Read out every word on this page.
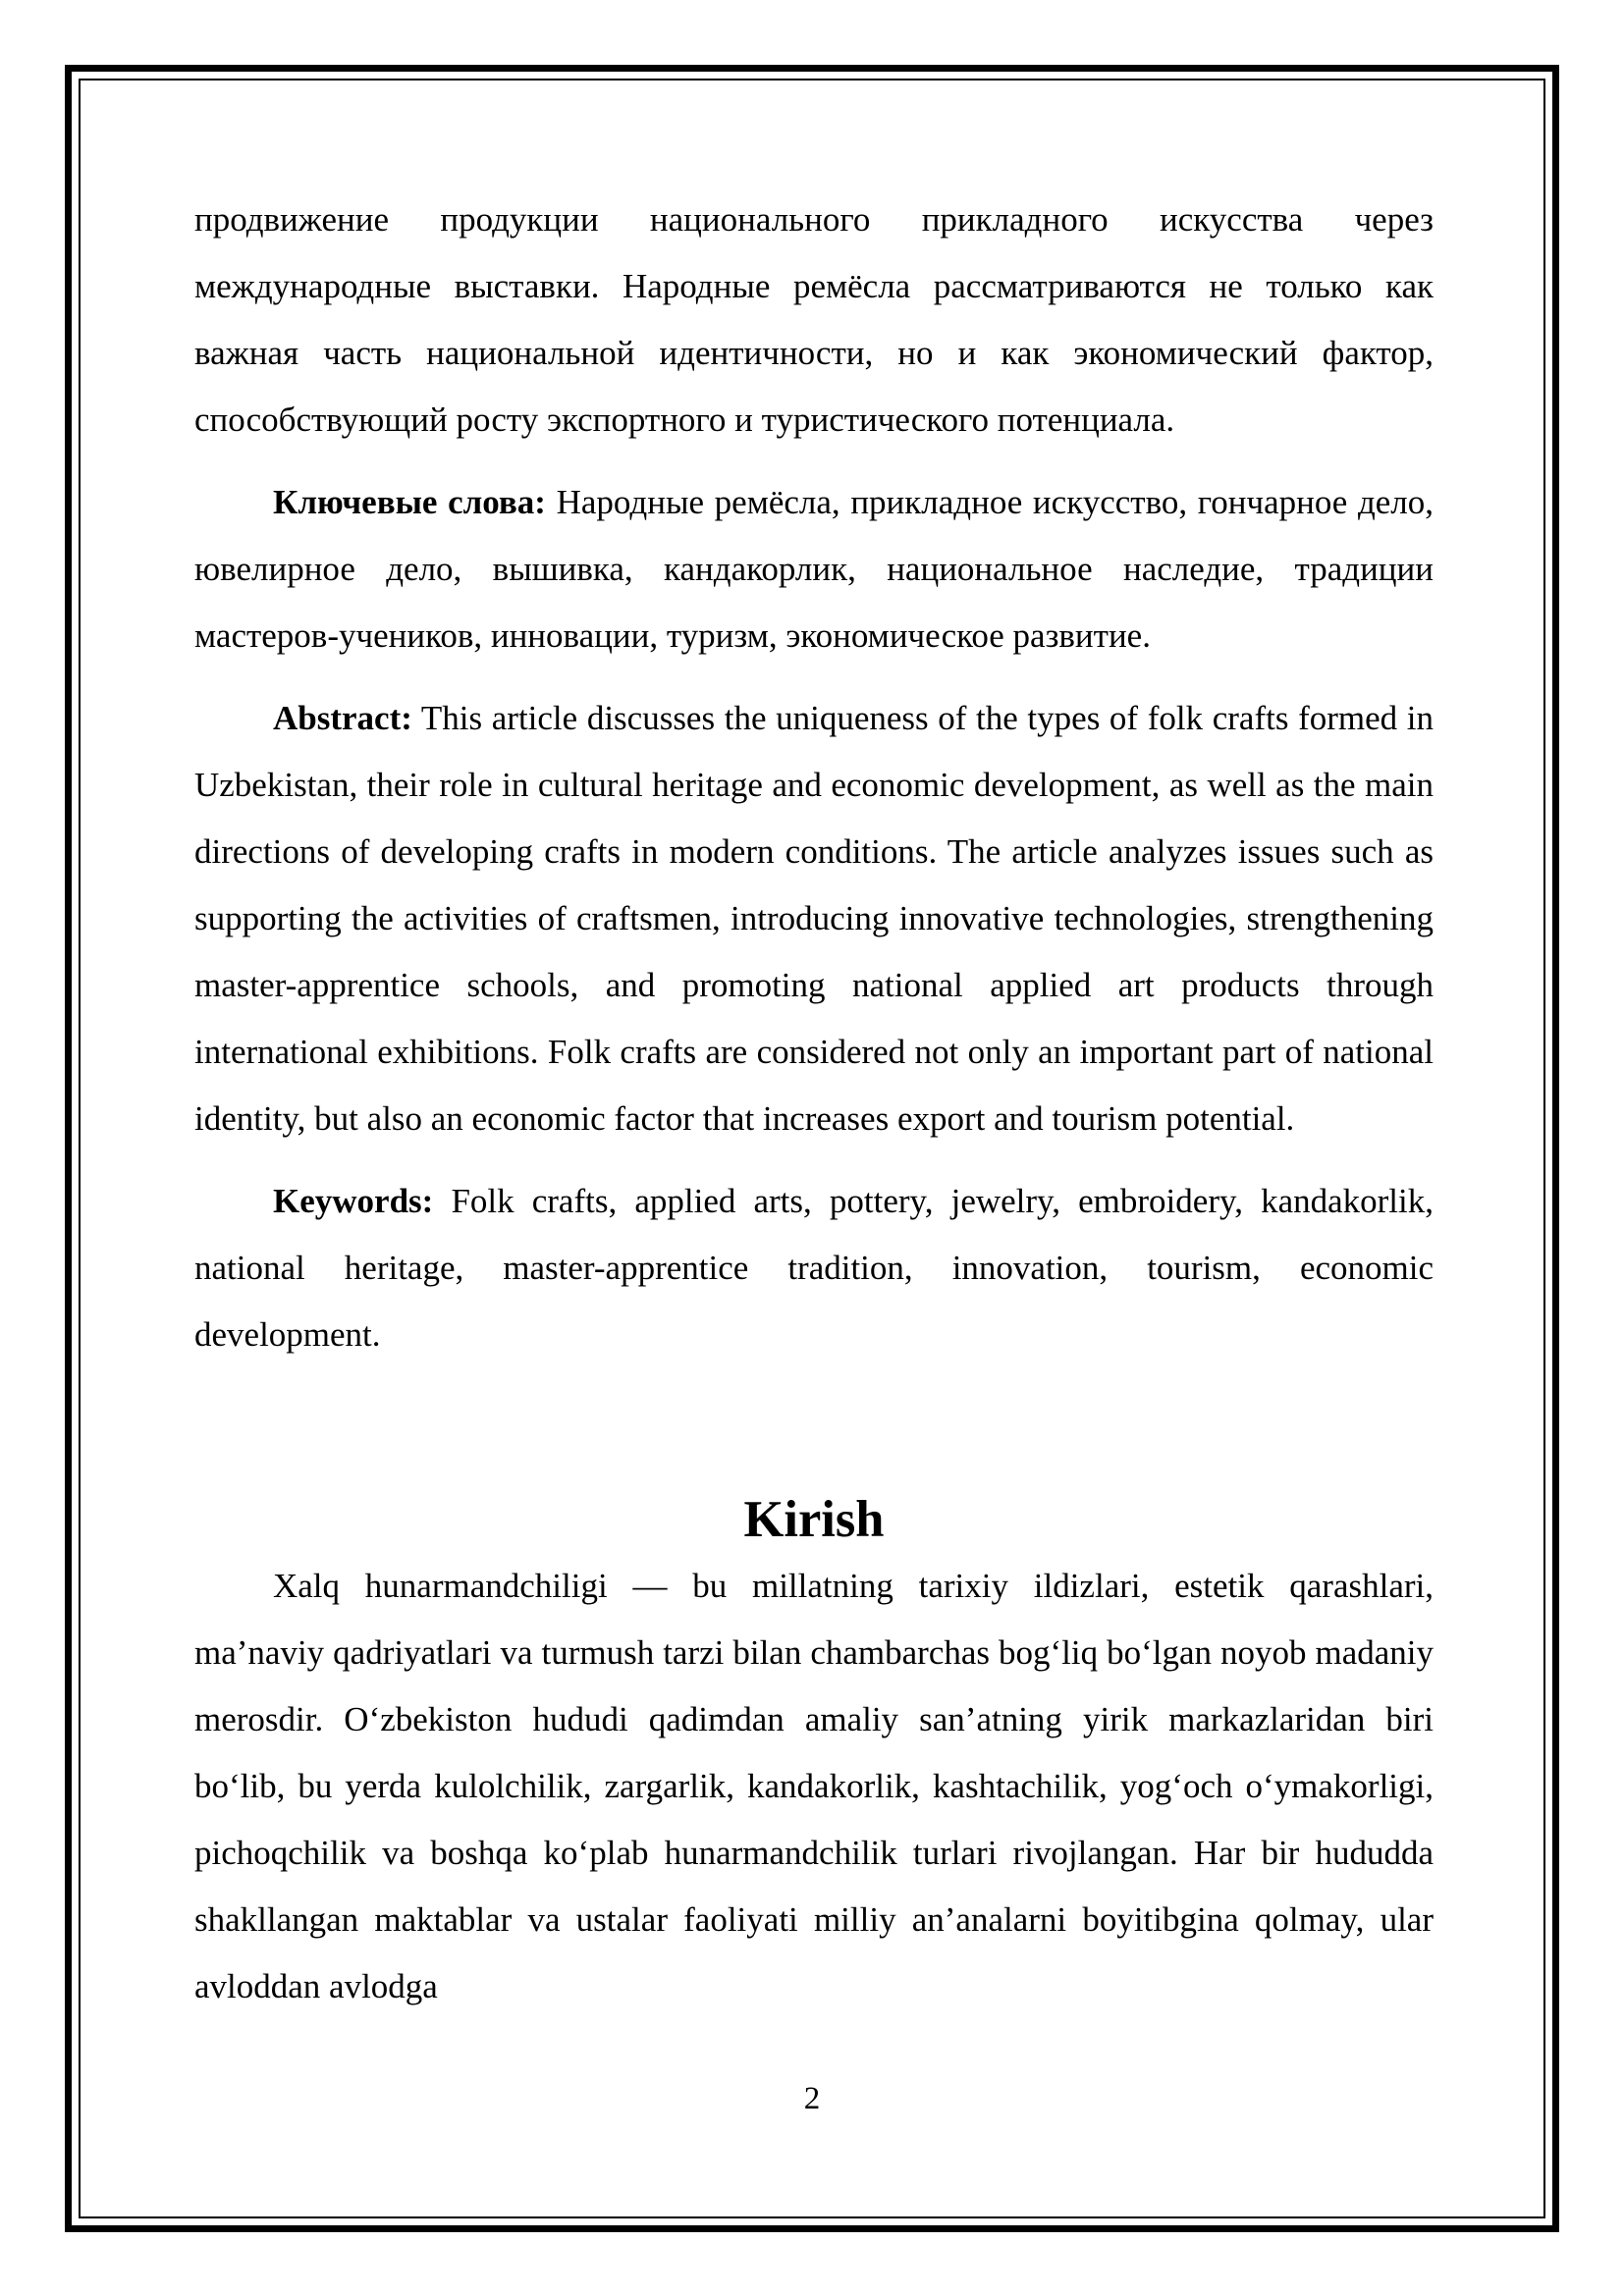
продвижение продукции национального прикладного искусства через международные выставки. Народные ремёсла рассматриваются не только как важная часть национальной идентичности, но и как экономический фактор, способствующий росту экспортного и туристического потенциала.

Ключевые слова: Народные ремёсла, прикладное искусство, гончарное дело, ювелирное дело, вышивка, кандакорлик, национальное наследие, традиции мастеров-учеников, инновации, туризм, экономическое развитие.

Abstract: This article discusses the uniqueness of the types of folk crafts formed in Uzbekistan, their role in cultural heritage and economic development, as well as the main directions of developing crafts in modern conditions. The article analyzes issues such as supporting the activities of craftsmen, introducing innovative technologies, strengthening master-apprentice schools, and promoting national applied art products through international exhibitions. Folk crafts are considered not only an important part of national identity, but also an economic factor that increases export and tourism potential.

Keywords: Folk crafts, applied arts, pottery, jewelry, embroidery, kandakorlik, national heritage, master-apprentice tradition, innovation, tourism, economic development.

Kirish

Xalq hunarmandchiligi — bu millatning tarixiy ildizlari, estetik qarashlari, ma’naviy qadriyatlari va turmush tarzi bilan chambarchas bog‘liq bo‘lgan noyob madaniy merosdir. O‘zbekiston hududi qadimdan amaliy san’atning yirik markazlaridan biri bo‘lib, bu yerda kulolchilik, zargarlik, kandakorlik, kashtachilik, yog‘och o‘ymakorligi, pichoqchilik va boshqa ko‘plab hunarmandchilik turlari rivojlangan. Har bir hududda shakllangan maktablar va ustalar faoliyati milliy an’analarni boyitibgina qolmay, ular avloddan avlodga

2
